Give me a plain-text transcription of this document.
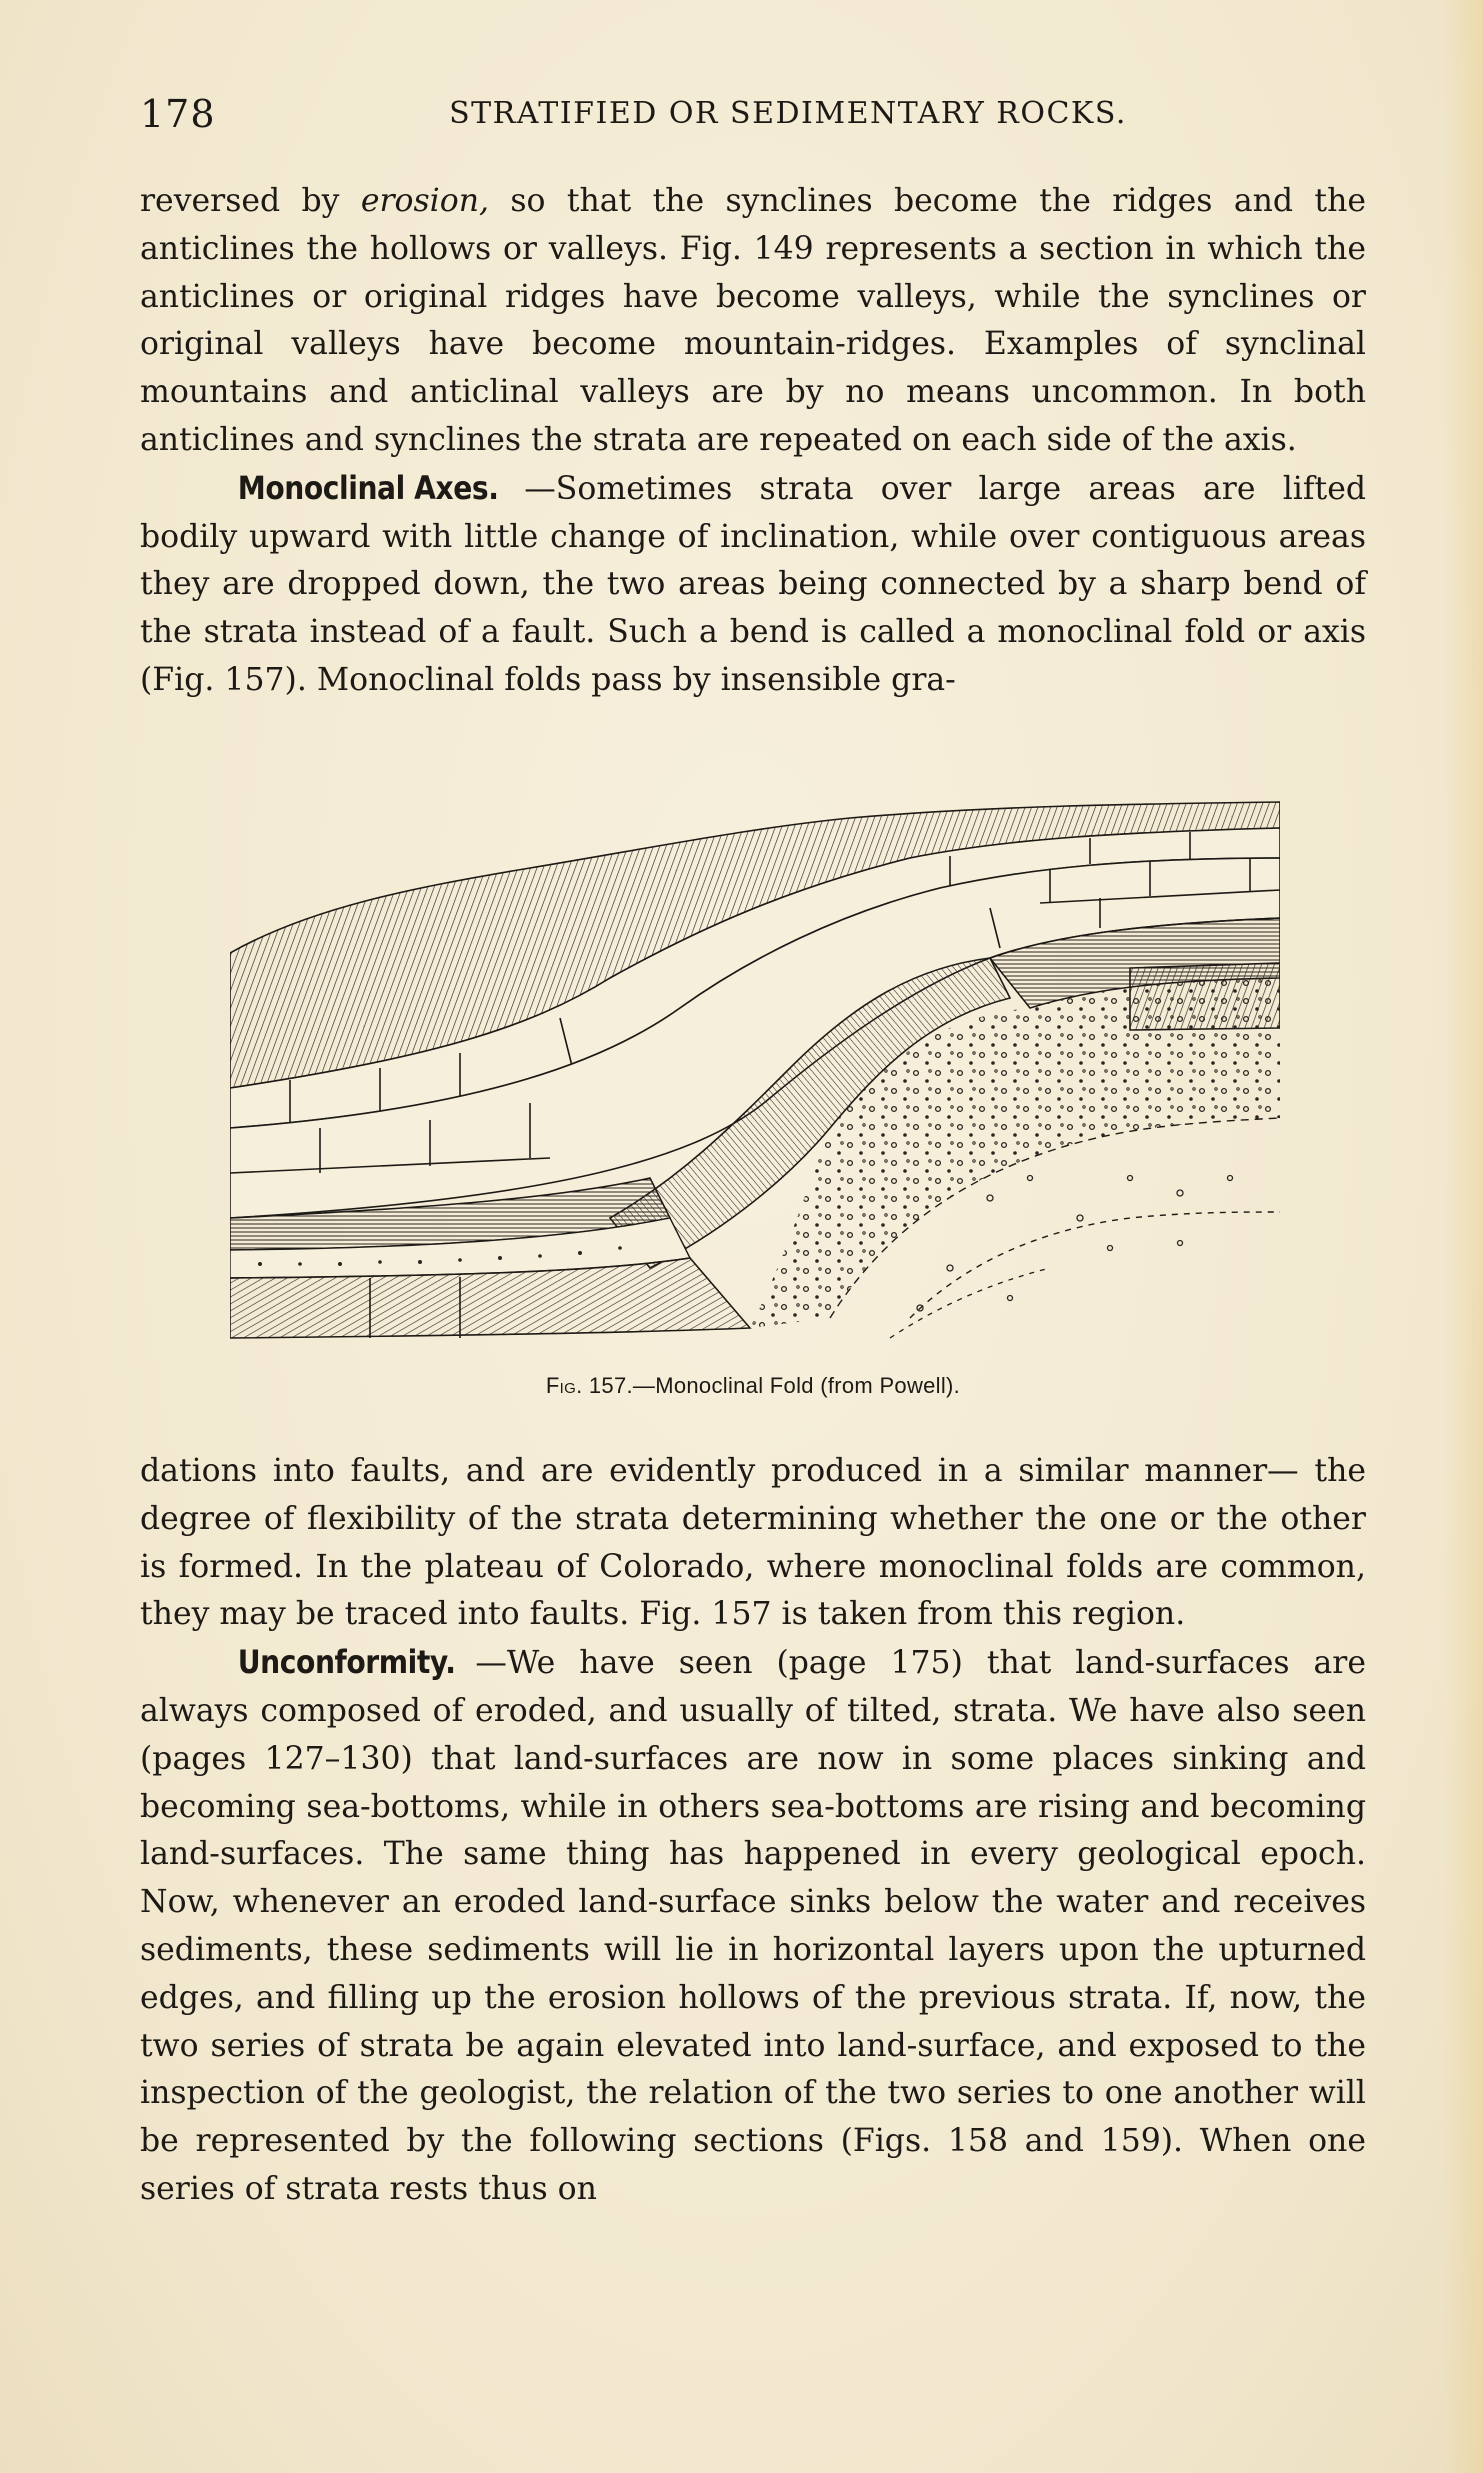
178	STRATIFIED OR SEDIMENTARY ROCKS.

reversed by erosion, so that the synclines become the ridges and the anticlines the hollows or valleys. Fig. 149 represents a section in which the anticlines or original ridges have become valleys, while the synclines or original valleys have become mountain-ridges. Examples of synclinal mountains and anticlinal valleys are by no means uncommon. In both anticlines and synclines the strata are repeated on each side of the axis.

Monoclinal Axes. —Sometimes strata over large areas are lifted bodily upward with little change of inclination, while over contiguous areas they are dropped down, the two areas being connected by a sharp bend of the strata instead of a fault. Such a bend is called a monoclinal fold or axis (Fig. 157). Monoclinal folds pass by insensible gra-

Fig. 157.—Monoclinal Fold (from Powell).

dations into faults, and are evidently produced in a similar manner— the degree of flexibility of the strata determining whether the one or the other is formed. In the plateau of Colorado, where monoclinal folds are common, they may be traced into faults. Fig. 157 is taken from this region.

Unconformity. —We have seen (page 175) that land-surfaces are always composed of eroded, and usually of tilted, strata. We have also seen (pages 127–130) that land-surfaces are now in some places sinking and becoming sea-bottoms, while in others sea-bottoms are rising and becoming land-surfaces. The same thing has happened in every geological epoch. Now, whenever an eroded land-surface sinks below the water and receives sediments, these sediments will lie in horizontal layers upon the upturned edges, and filling up the erosion hollows of the previous strata. If, now, the two series of strata be again elevated into land-surface, and exposed to the inspection of the geologist, the relation of the two series to one another will be represented by the following sections (Figs. 158 and 159). When one series of strata rests thus on
